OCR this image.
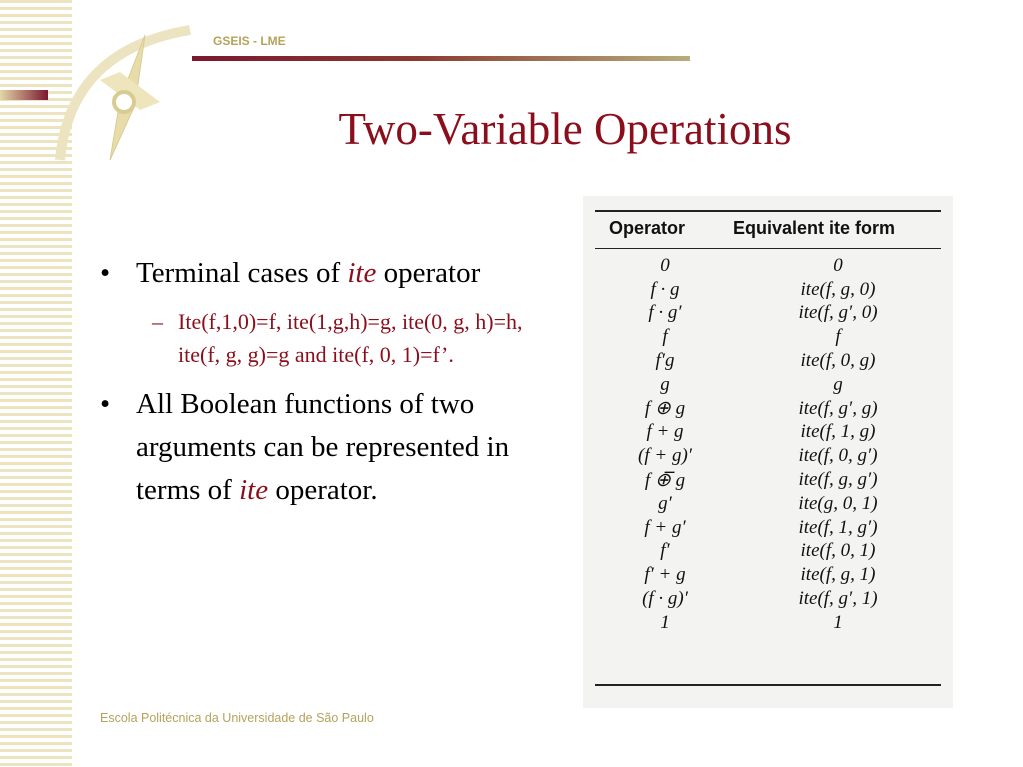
GSEIS - LME
Two-Variable Operations
• Terminal cases of ite operator
– Ite(f,1,0)=f, ite(1,g,h)=g, ite(0, g, h)=h, ite(f, g, g)=g and ite(f, 0, 1)=f’.
• All Boolean functions of two arguments can be represented in terms of ite operator.
Operator	Equivalent ite form
0	0
f · g	ite(f, g, 0)
f · g′	ite(f, g′, 0)
f	f
f′g	ite(f, 0, g)
g	g
f ⊕ g	ite(f, g′, g)
f + g	ite(f, 1, g)
(f + g)′	ite(f, 0, g′)
f ⊕̅ g	ite(f, g, g′)
g′	ite(g, 0, 1)
f + g′	ite(f, 1, g′)
f′	ite(f, 0, 1)
f′ + g	ite(f, g, 1)
(f · g)′	ite(f, g′, 1)
1	1
Escola Politécnica da Universidade de São Paulo
